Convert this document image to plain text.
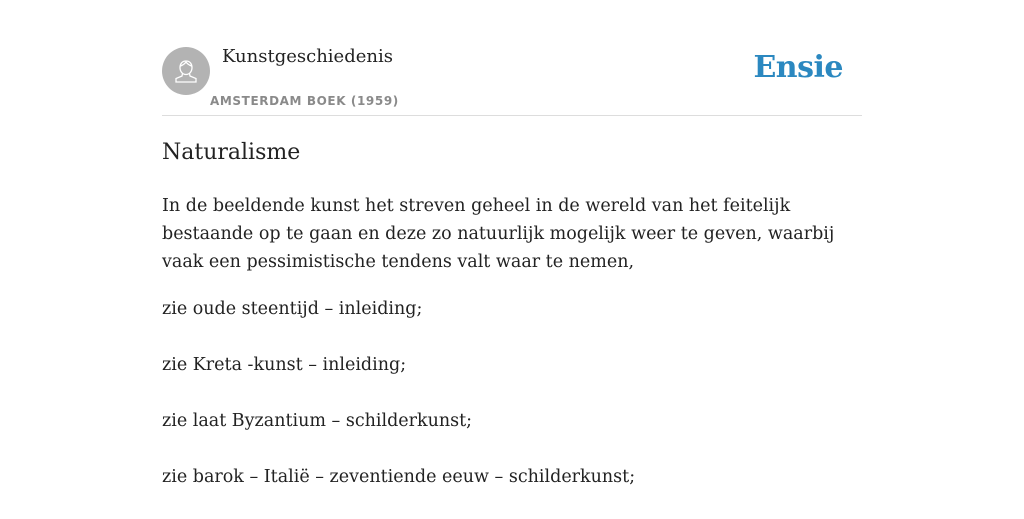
Kunstgeschiedenis
AMSTERDAM BOEK (1959)
Ensie
Naturalisme

In de beeldende kunst het streven geheel in de wereld van het feitelijk bestaande op te gaan en deze zo natuurlijk mogelijk weer te geven, waarbij vaak een pessimistische tendens valt waar te nemen,

zie oude steentijd – inleiding;
zie Kreta -kunst – inleiding;
zie laat Byzantium – schilderkunst;
zie barok – Italië – zeventiende eeuw – schilderkunst;
